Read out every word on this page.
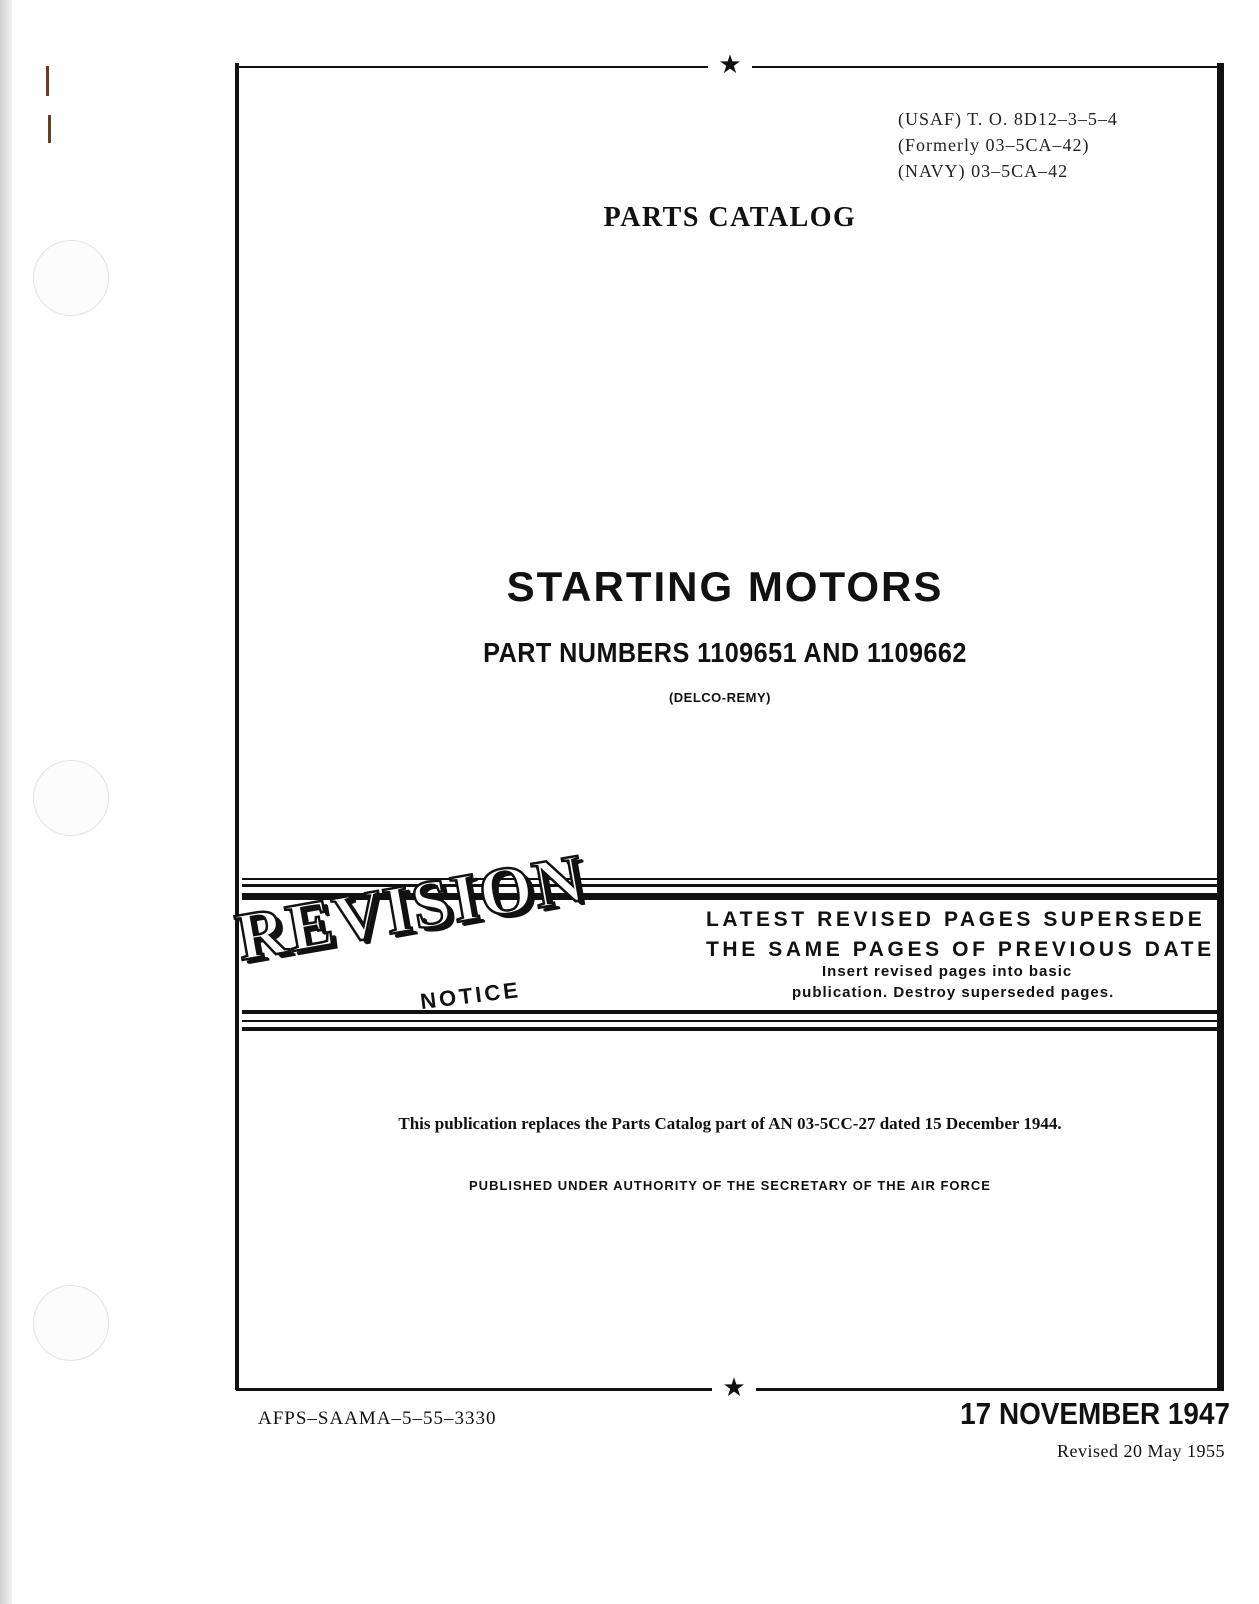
★
★
(USAF) T. O. 8D12–3–5–4
(Formerly 03–5CA–42)
(NAVY) 03–5CA–42
PARTS CATALOG
STARTING MOTORS
PART NUMBERS 1109651 AND 1109662
(DELCO-REMY)
REVISION
NOTICE
LATEST REVISED PAGES SUPERSEDE
THE SAME PAGES OF PREVIOUS DATE
Insert revised pages into basic
publication. Destroy superseded pages.
This publication replaces the Parts Catalog part of AN 03-5CC-27 dated 15 December 1944.
PUBLISHED UNDER AUTHORITY OF THE SECRETARY OF THE AIR FORCE
AFPS–SAAMA–5–55–3330	17 NOVEMBER 1947
Revised 20 May 1955
